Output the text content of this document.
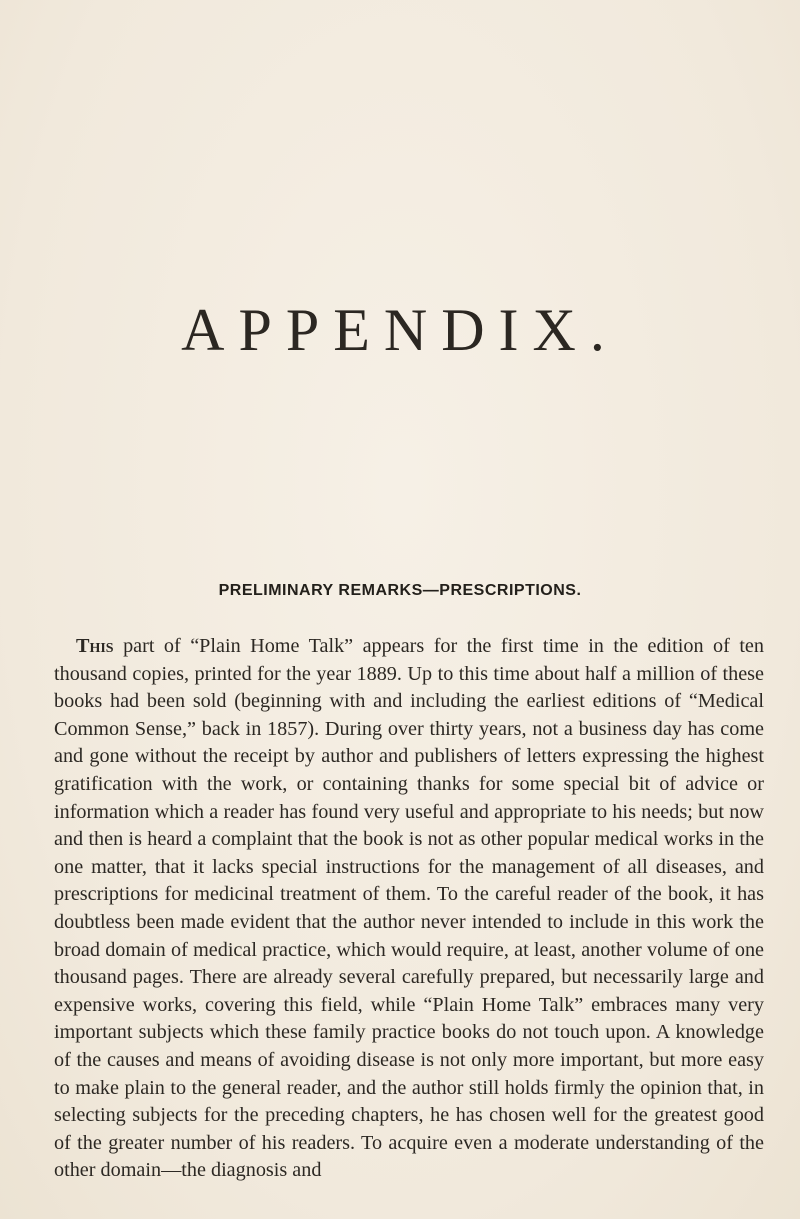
APPENDIX.
PRELIMINARY REMARKS—PRESCRIPTIONS.

This part of “Plain Home Talk” appears for the first time in the edition of ten thousand copies, printed for the year 1889. Up to this time about half a million of these books had been sold (beginning with and including the earliest editions of “Medical Common Sense,” back in 1857). During over thirty years, not a business day has come and gone without the receipt by author and publishers of letters expressing the highest gratification with the work, or containing thanks for some special bit of advice or information which a reader has found very useful and appropriate to his needs; but now and then is heard a complaint that the book is not as other popular medical works in the one matter, that it lacks special instructions for the management of all diseases, and prescriptions for medicinal treatment of them. To the careful reader of the book, it has doubtless been made evident that the author never intended to include in this work the broad domain of medical practice, which would require, at least, another volume of one thousand pages. There are already several carefully prepared, but necessarily large and expensive works, covering this field, while “Plain Home Talk” embraces many very important subjects which these family practice books do not touch upon. A knowledge of the causes and means of avoiding disease is not only more important, but more easy to make plain to the general reader, and the author still holds firmly the opinion that, in selecting subjects for the preceding chapters, he has chosen well for the greatest good of the greater number of his readers. To acquire even a moderate understanding of the other domain—the diagnosis and
